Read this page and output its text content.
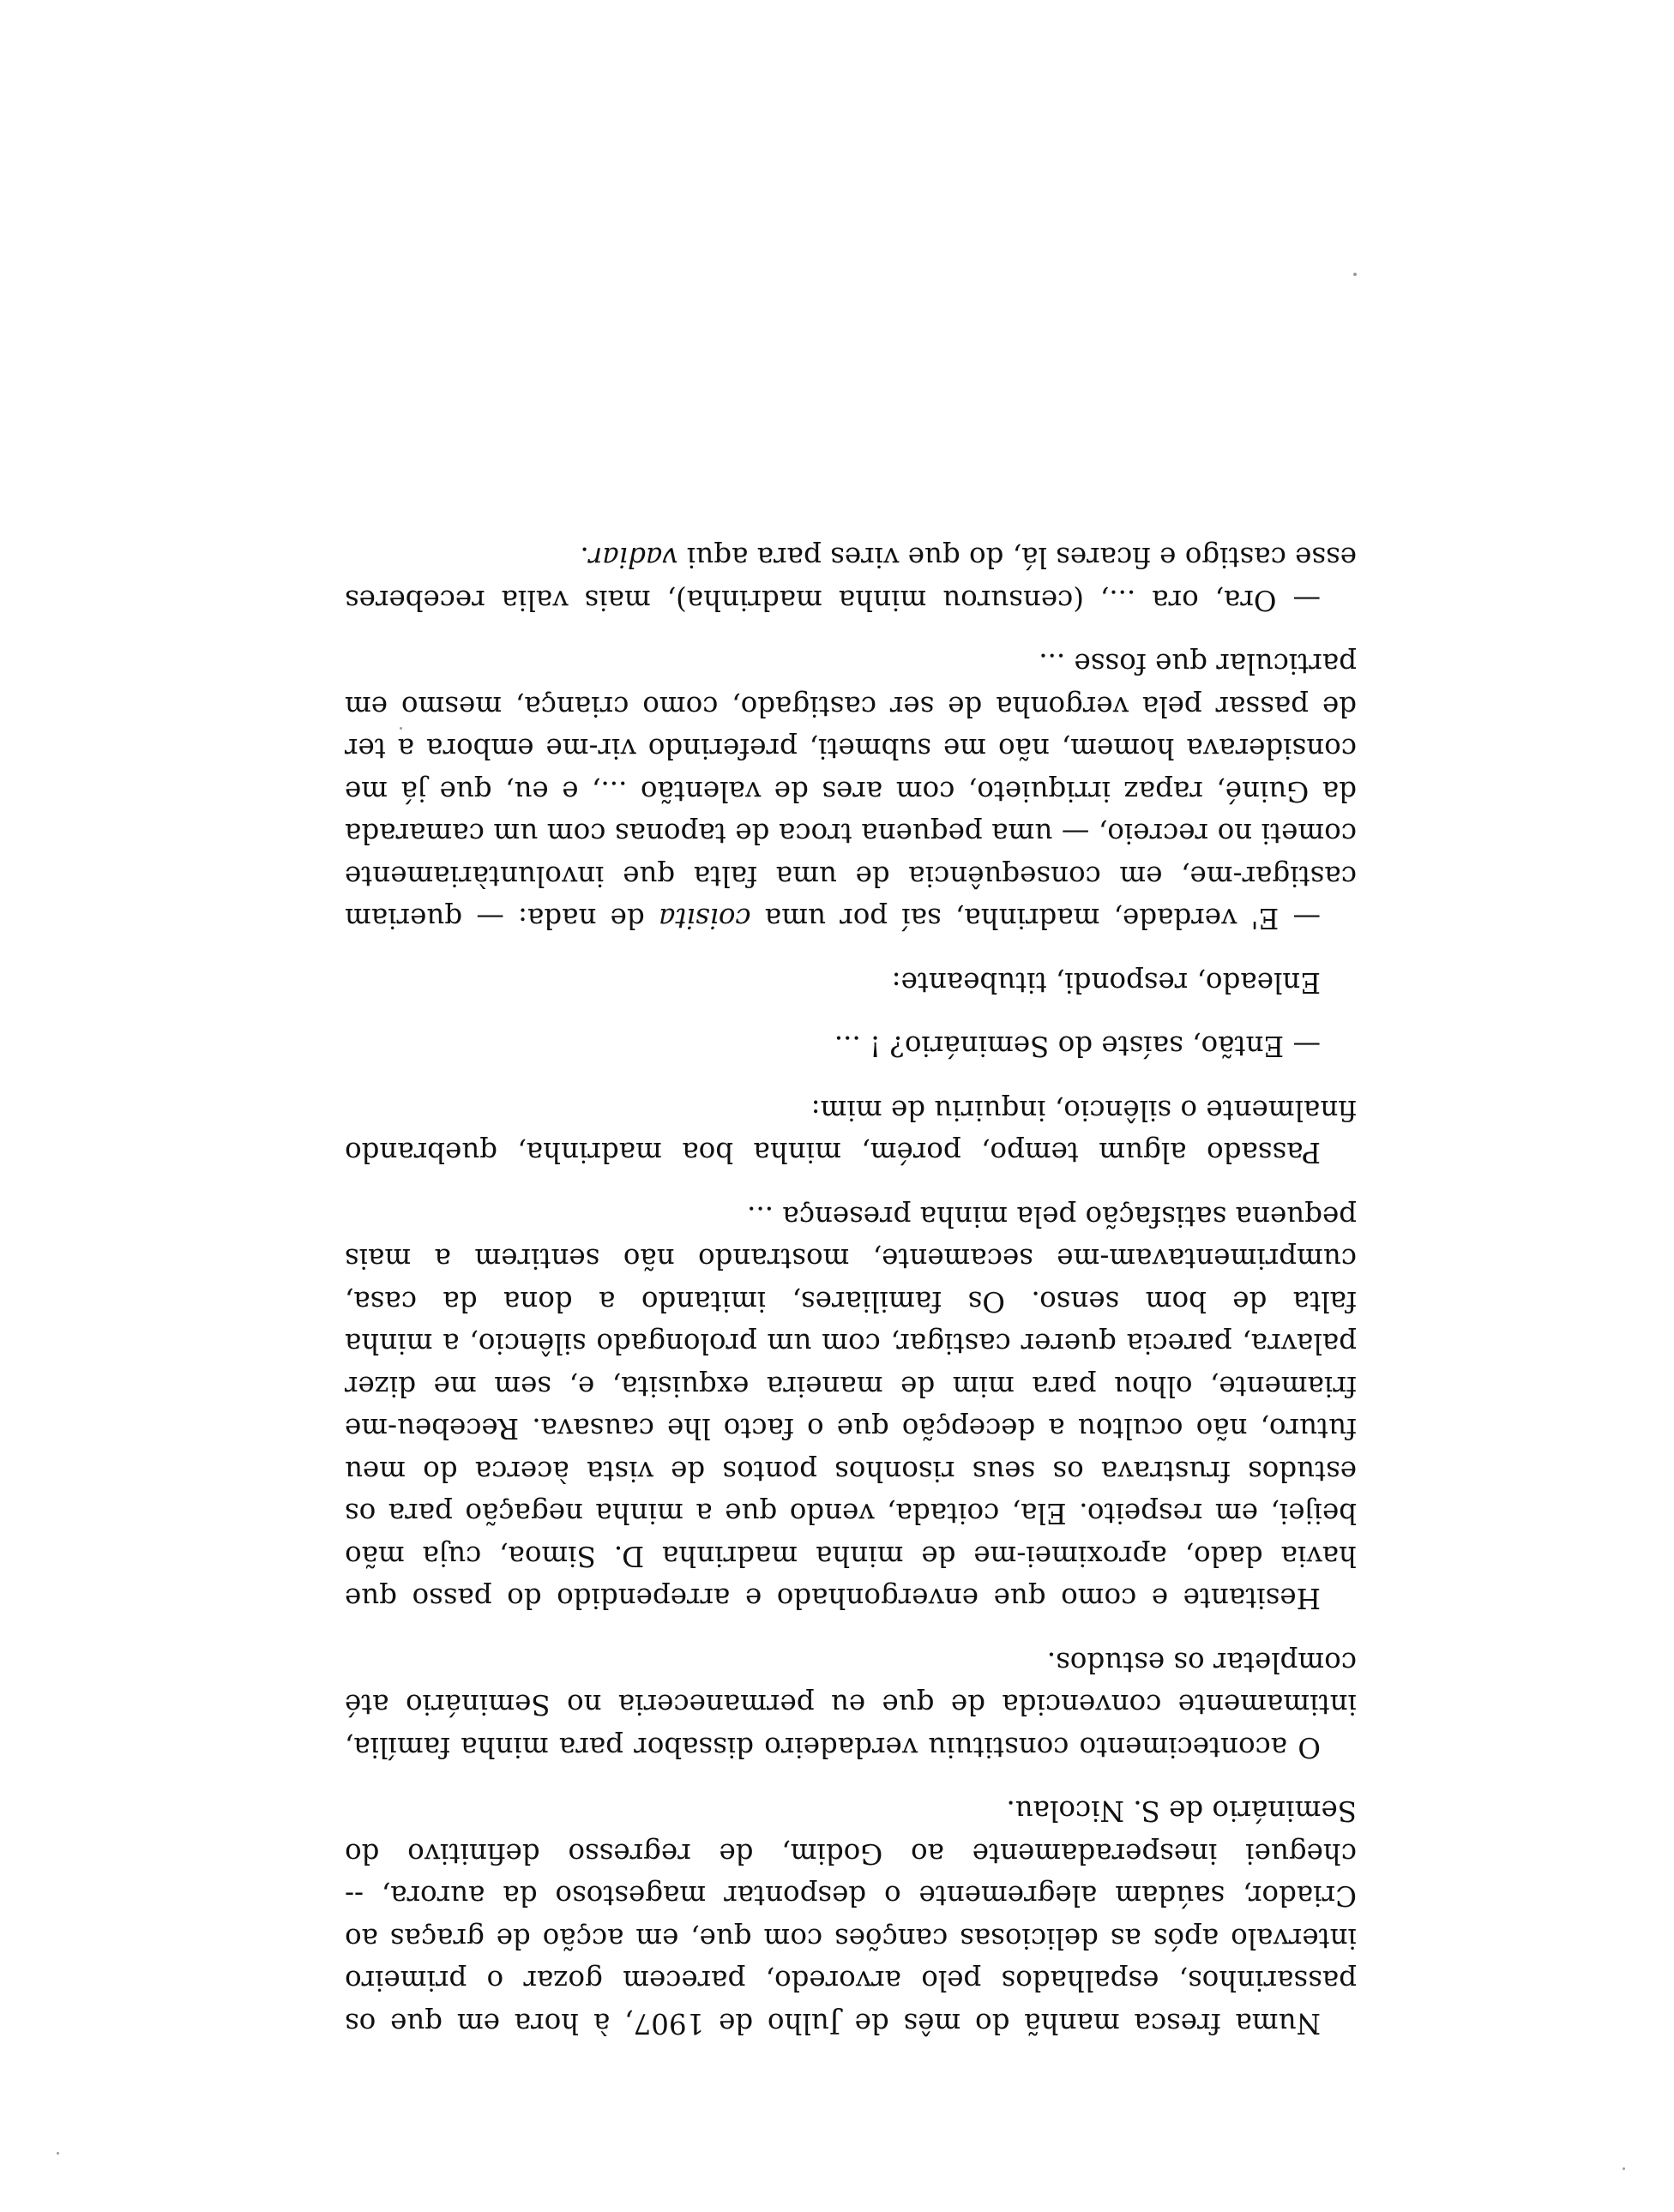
Numa fresca manhã do mês de Julho de 1907, à hora em que os passarinhos, espalhados pelo arvoredo, parecem gozar o primeiro intervalo após as deliciosas canções com que, em acção de graças ao Criador, saúdam alegremente o despontar magestoso da aurora, -- cheguei inesperadamente ao Godim, de regresso definitivo do Seminário de S. Nicolau.

O acontecimento constituiu verdadeiro dissabor para minha família, intimamente convencida de que eu permaneceria no Seminário até completar os estudos.

Hesitante e como que envergonhado e arrependido do passo que havia dado, aproximei-me de minha madrinha D. Simoa, cuja mão beijei, em respeito. Ela, coitada, vendo que a minha negação para os estudos frustrava os seus risonhos pontos de vista àcerca do meu futuro, não ocultou a decepção que o facto lhe causava. Recebeu-me friamente, olhou para mim de maneira exquisita, e, sem me dizer palavra, parecia querer castigar, com um prolongado silêncio, a minha falta de bom senso. Os familiares, imitando a dona da casa, cumprimentavam-me secamente, mostrando não sentirem a mais pequena satisfação pela minha presença ...

Passado algum tempo, porém, minha boa madrinha, quebrando finalmente o silêncio, inquiriu de mim:

— Então, saíste do Seminário? ! ...

Enleado, respondi, titubeante:

— E' verdade, madrinha, saí por uma coisita de nada: — queriam castigar-me, em consequência de uma falta que involuntàriamente cometi no recreio, — uma pequena troca de taponas com um camarada da Guiné, rapaz irriquieto, com ares de valentão ..., e eu, que já me considerava homem, não me submeti, preferindo vir-me embora a ter de passar pela vergonha de ser castigado, como criança, mesmo em particular que fosse ...

— Ora, ora ..., (censurou minha madrinha), mais valia receberes esse castigo e ficares lá, do que vires para aqui vadiar.
